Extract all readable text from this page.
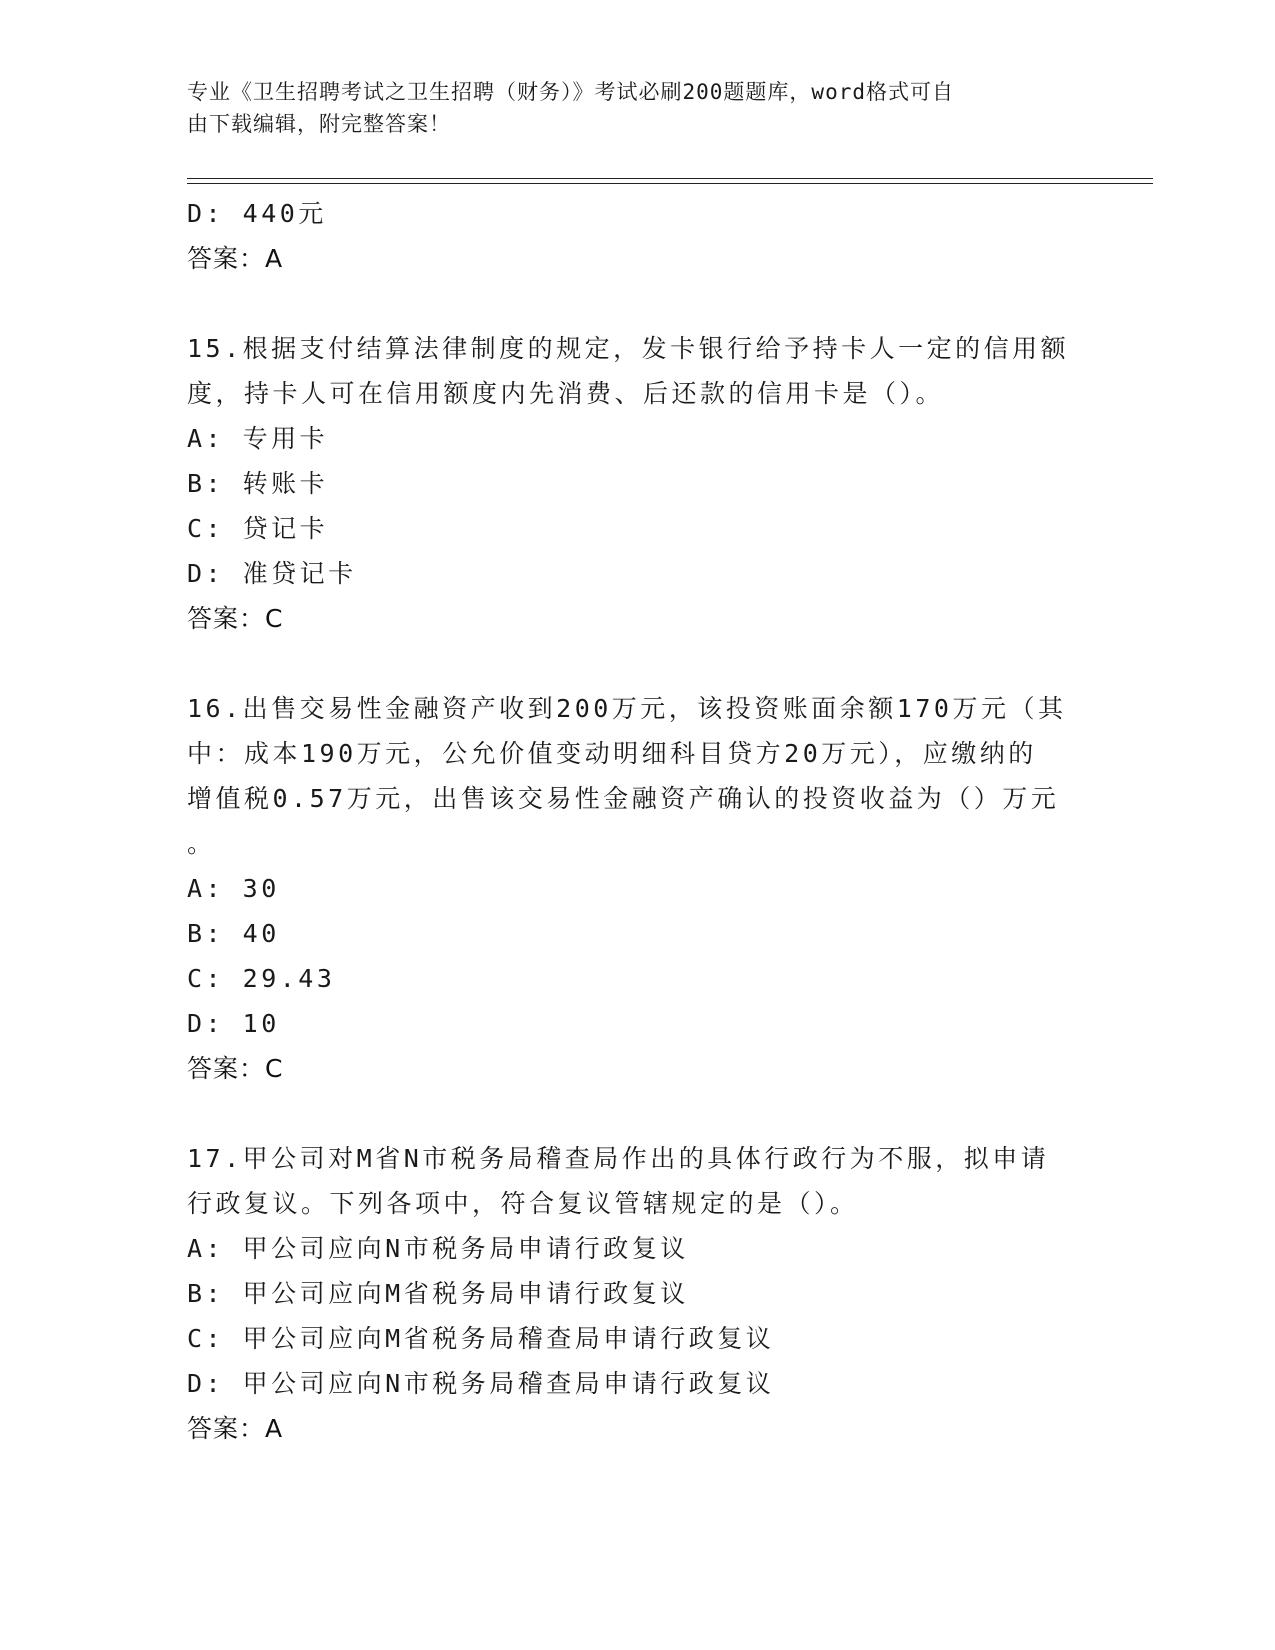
专业《卫生招聘考试之卫生招聘（财务）》考试必刷200题题库，word格式可自
由下载编辑，附完整答案！
D: 440元
答案：A
15.根据支付结算法律制度的规定，发卡银行给予持卡人一定的信用额
度，持卡人可在信用额度内先消费、后还款的信用卡是（）。
A: 专用卡
B: 转账卡
C: 贷记卡
D: 准贷记卡
答案：C
16.出售交易性金融资产收到200万元，该投资账面余额170万元（其
中：成本190万元，公允价值变动明细科目贷方20万元），应缴纳的
增值税0.57万元，出售该交易性金融资产确认的投资收益为（）万元
。
A: 30
B: 40
C: 29.43
D: 10
答案：C
17.甲公司对M省N市税务局稽查局作出的具体行政行为不服，拟申请
行政复议。下列各项中，符合复议管辖规定的是（）。
A: 甲公司应向N市税务局申请行政复议
B: 甲公司应向M省税务局申请行政复议
C: 甲公司应向M省税务局稽查局申请行政复议
D: 甲公司应向N市税务局稽查局申请行政复议
答案：A
